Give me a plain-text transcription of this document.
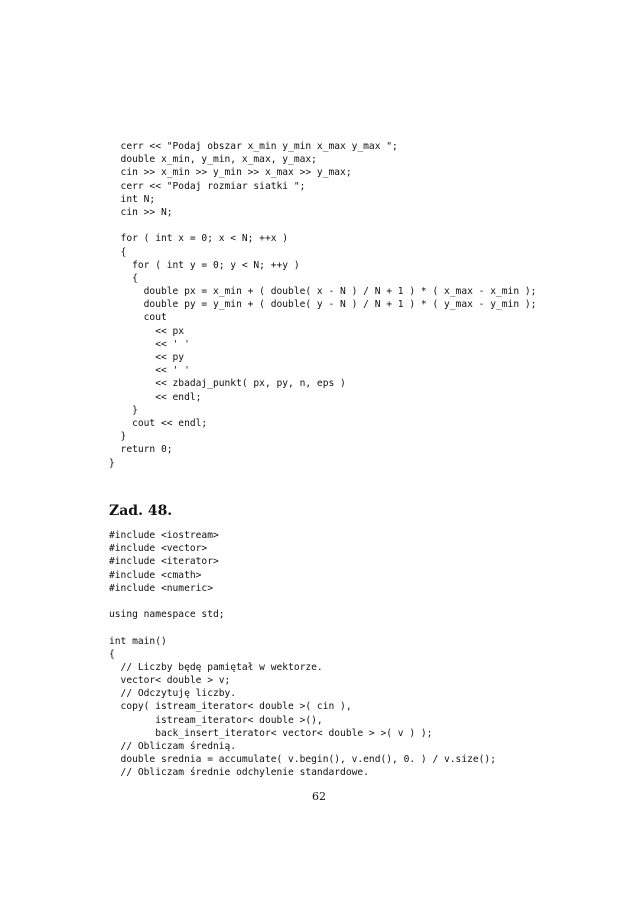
cerr << "Podaj obszar x_min y_min x_max y_max ";
double x_min, y_min, x_max, y_max;
cin >> x_min >> y_min >> x_max >> y_max;
cerr << "Podaj rozmiar siatki ";
int N;
cin >> N;
for ( int x = 0; x < N; ++x )
{
for ( int y = 0; y < N; ++y )
{
double px = x_min + ( double( x - N ) / N + 1 ) * ( x_max - x_min );
double py = y_min + ( double( y - N ) / N + 1 ) * ( y_max - y_min );
cout
<< px
<< ' '
<< py
<< ' '
<< zbadaj_punkt( px, py, n, eps )
<< endl;
}
cout << endl;
}
return 0;
}
Zad. 48.
#include <iostream>
#include <vector>
#include <iterator>
#include <cmath>
#include <numeric>
using namespace std;
int main()
{
// Liczby będę pamiętał w wektorze.
vector< double > v;
// Odczytuję liczby.
copy( istream_iterator< double >( cin ),
istream_iterator< double >(),
back_insert_iterator< vector< double > >( v ) );
// Obliczam średnią.
double srednia = accumulate( v.begin(), v.end(), 0. ) / v.size();
// Obliczam średnie odchylenie standardowe.
62
